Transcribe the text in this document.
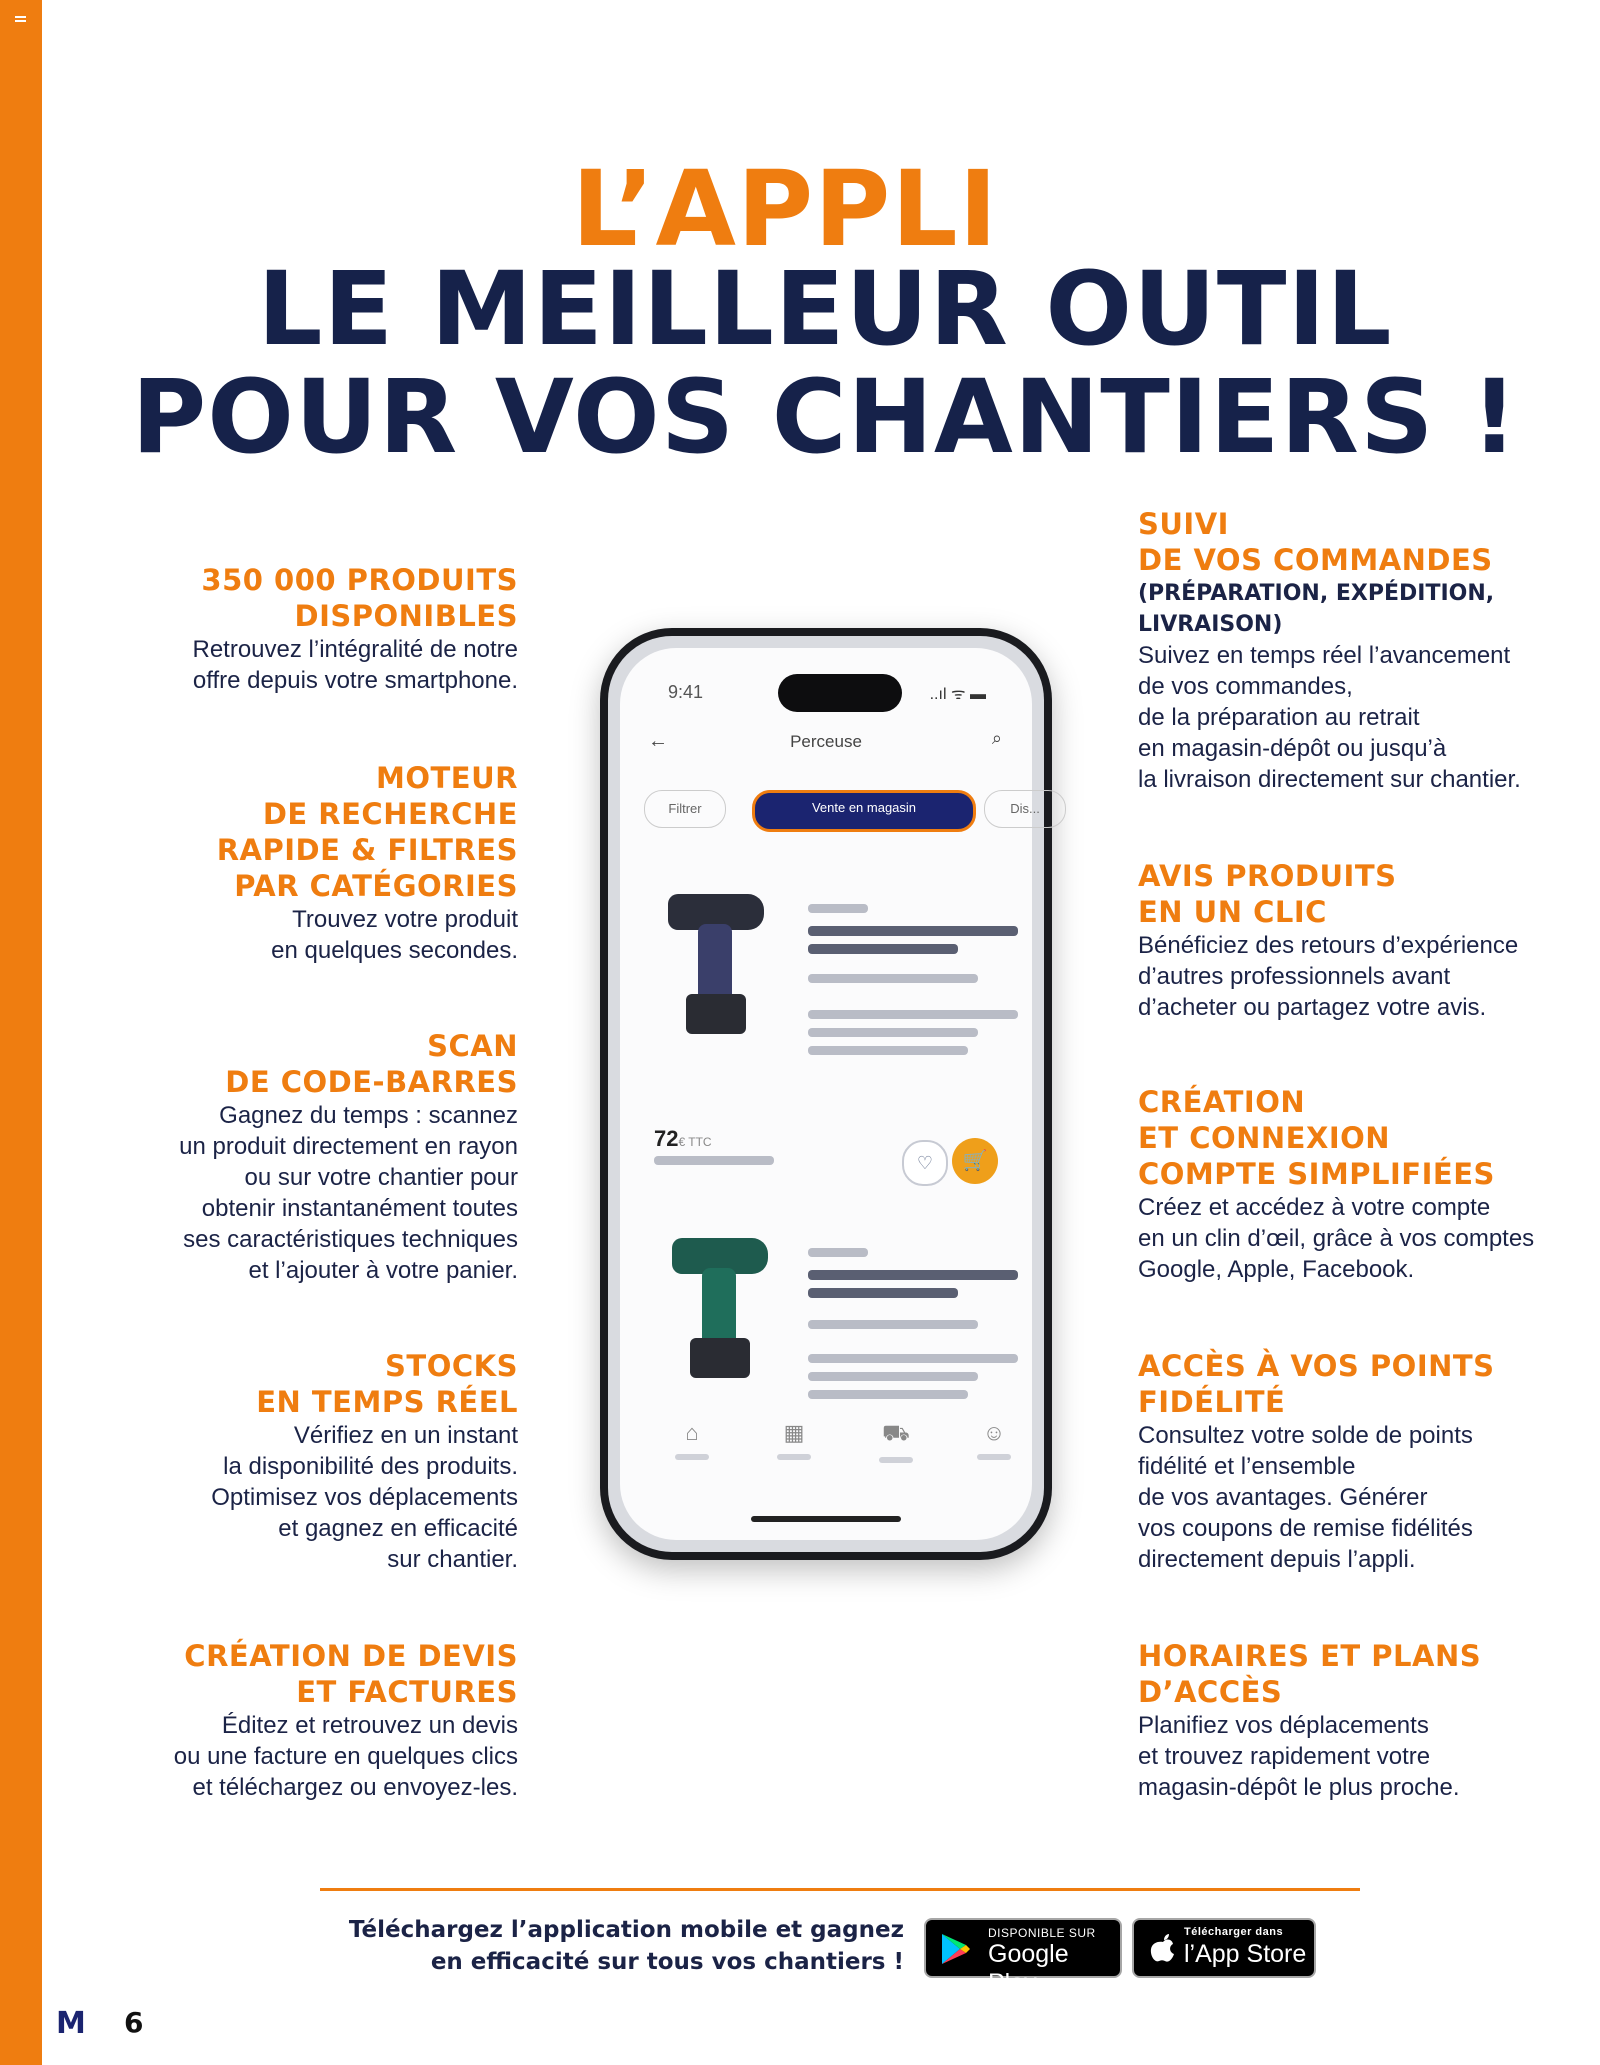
L’APPLI
LE MEILLEUR OUTIL
POUR VOS CHANTIERS !
350 000 PRODUITS
DISPONIBLES
Retrouvez l’intégralité de notre
offre depuis votre smartphone.
MOTEUR
DE RECHERCHE
RAPIDE & FILTRES
PAR CATÉGORIES
Trouvez votre produit
en quelques secondes.
SCAN
DE CODE-BARRES
Gagnez du temps : scannez
un produit directement en rayon
ou sur votre chantier pour
obtenir instantanément toutes
ses caractéristiques techniques
et l’ajouter à votre panier.
STOCKS
EN TEMPS RÉEL
Vérifiez en un instant
la disponibilité des produits.
Optimisez vos déplacements
et gagnez en efficacité
sur chantier.
CRÉATION DE DEVIS
ET FACTURES
Éditez et retrouvez un devis
ou une facture en quelques clics
et téléchargez ou envoyez-les.
SUIVI
DE VOS COMMANDES
(PRÉPARATION, EXPÉDITION,
LIVRAISON)
Suivez en temps réel l’avancement
de vos commandes,
de la préparation au retrait
en magasin-dépôt ou jusqu’à
la livraison directement sur chantier.
AVIS PRODUITS
EN UN CLIC
Bénéficiez des retours d’expérience
d’autres professionnels avant
d’acheter ou partagez votre avis.
CRÉATION
ET CONNEXION
COMPTE SIMPLIFIÉES
Créez et accédez à votre compte
en un clin d’œil, grâce à vos comptes
Google, Apple, Facebook.
ACCÈS À VOS POINTS
FIDÉLITÉ
Consultez votre solde de points
fidélité et l’ensemble
de vos avantages. Générer
vos coupons de remise fidélités
directement depuis l’appli.
HORAIRES ET PLANS
D’ACCÈS
Planifiez vos déplacements
et trouvez rapidement votre
magasin-dépôt le plus proche.
9:41	..ıl ᯤ ▬
←	Perceuse	⌕
Filtrer	Vente en magasin	Dis...
72€ TTC
♡	🛒
⌂	▦	⛟	☺
Téléchargez l’application mobile et gagnez
en efficacité sur tous vos chantiers !
DISPONIBLE SUR
Google Play
Télécharger dans
l’App Store
M 6
